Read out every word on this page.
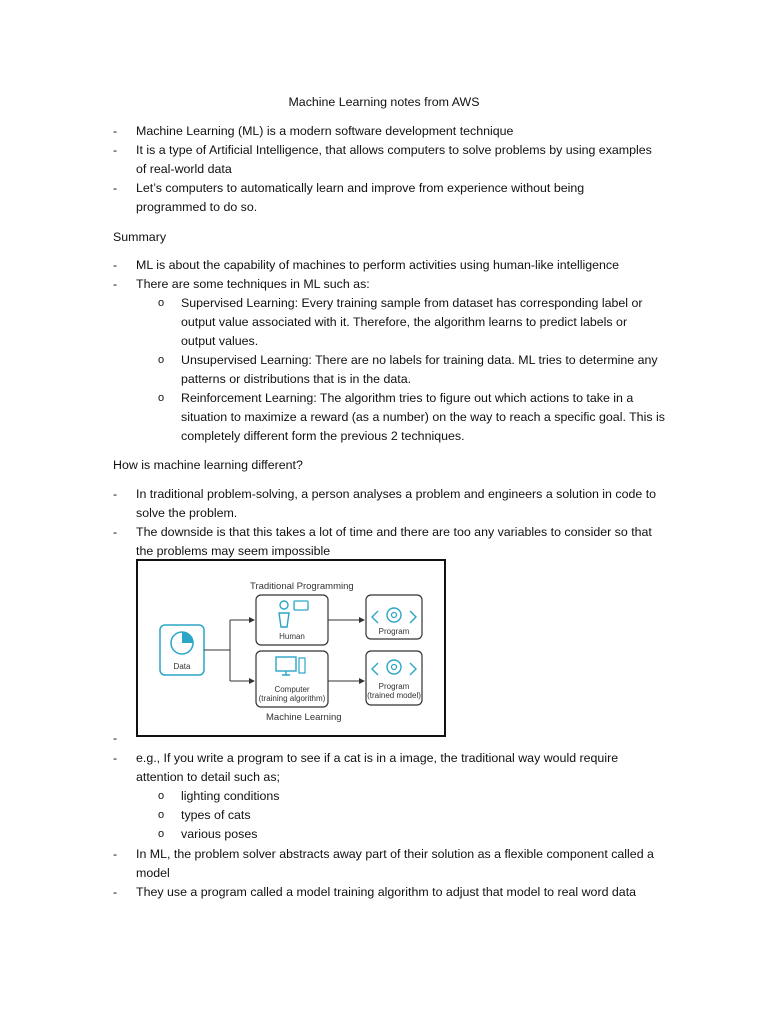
Machine Learning notes from AWS
- Machine Learning (ML) is a modern software development technique
- It is a type of Artificial Intelligence, that allows computers to solve problems by using examples
of real-world data
- Let’s computers to automatically learn and improve from experience without being
programmed to do so.
Summary
- ML is about the capability of machines to perform activities using human-like intelligence
- There are some techniques in ML such as:
o Supervised Learning: Every training sample from dataset has corresponding label or
output value associated with it. Therefore, the algorithm learns to predict labels or
output values.
o Unsupervised Learning: There are no labels for training data. ML tries to determine any
patterns or distributions that is in the data.
o Reinforcement Learning: The algorithm tries to figure out which actions to take in a
situation to maximize a reward (as a number) on the way to reach a specific goal. This is
completely different form the previous 2 techniques.
How is machine learning different?
- In traditional problem-solving, a person analyses a problem and engineers a solution in code to
solve the problem.
- The downside is that this takes a lot of time and there are too any variables to consider so that
the problems may seem impossible
Traditional Programming
Data
Human
Program
Computer
(training algorithm)
Program
(trained model)
Machine Learning
-
- e.g., If you write a program to see if a cat is in a image, the traditional way would require
attention to detail such as;
o lighting conditions
o types of cats
o various poses
- In ML, the problem solver abstracts away part of their solution as a flexible component called a
model
- They use a program called a model training algorithm to adjust that model to real word data
